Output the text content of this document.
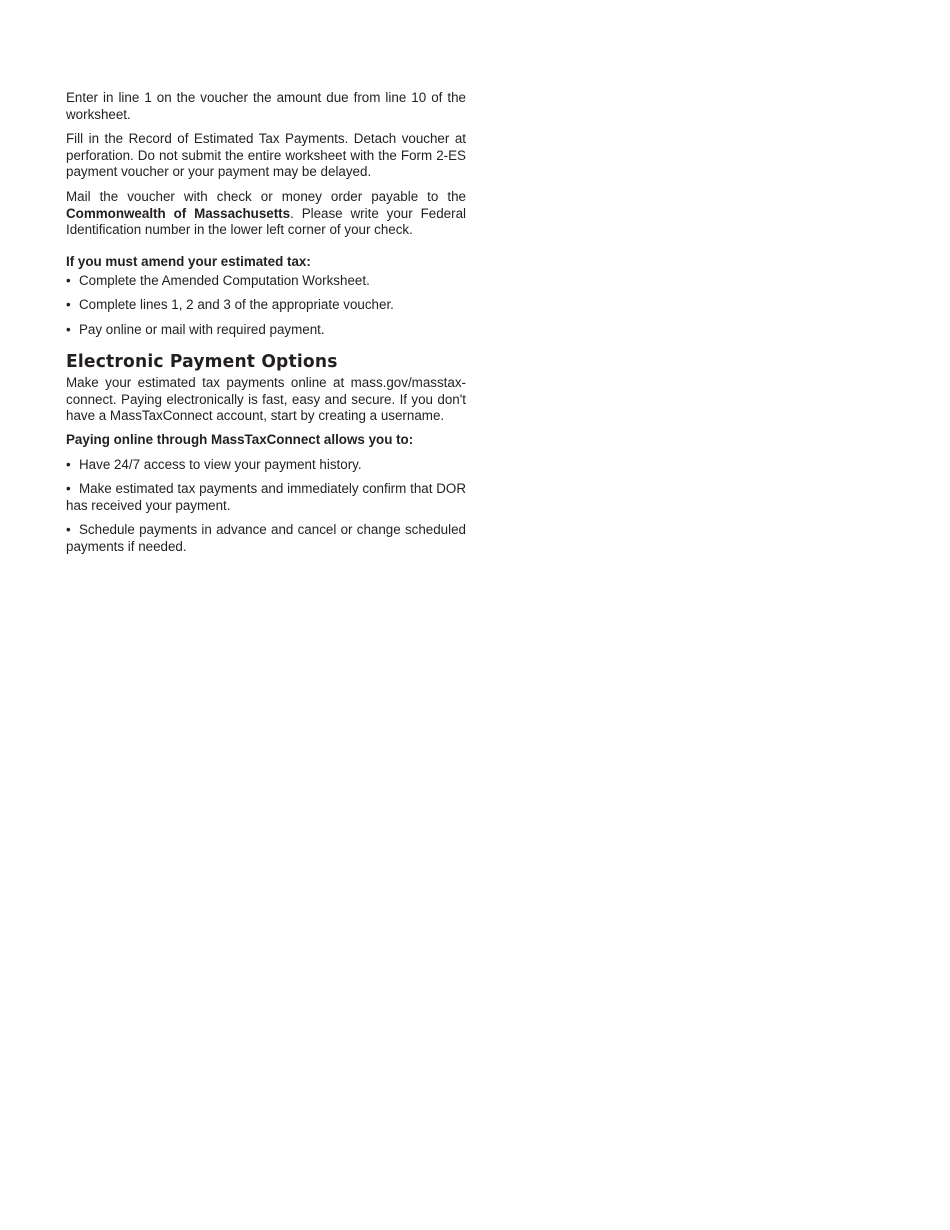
Enter in line 1 on the voucher the amount due from line 10 of the worksheet.

Fill in the Record of Estimated Tax Payments. Detach voucher at perforation. Do not submit the entire worksheet with the Form 2-ES payment voucher or your payment may be delayed.

Mail the voucher with check or money order payable to the Commonwealth of Massachusetts. Please write your Federal Identification number in the lower left corner of your check.

If you must amend your estimated tax:

• Complete the Amended Computation Worksheet.

• Complete lines 1, 2 and 3 of the appropriate voucher.

• Pay online or mail with required payment.

Electronic Payment Options

Make your estimated tax payments online at mass.gov/masstaxconnect. Paying electronically is fast, easy and secure. If you don't have a MassTaxConnect account, start by creating a username.

Paying online through MassTaxConnect allows you to:

• Have 24/7 access to view your payment history.

• Make estimated tax payments and immediately confirm that DOR has received your payment.

• Schedule payments in advance and cancel or change scheduled payments if needed.
